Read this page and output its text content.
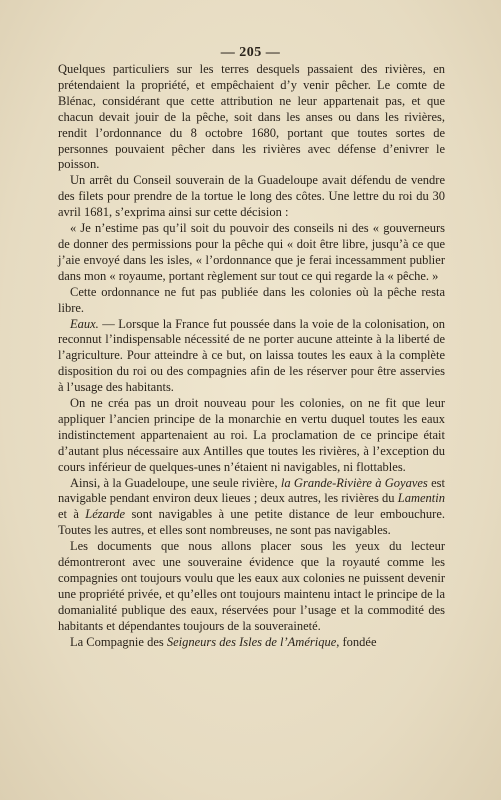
— 205 —

Quelques particuliers sur les terres desquels passaient des rivières, en prétendaient la propriété, et empêchaient d’y venir pêcher. Le comte de Blénac, considérant que cette attribution ne leur appartenait pas, et que chacun devait jouir de la pêche, soit dans les anses ou dans les rivières, rendit l’ordonnance du 8 octobre 1680, portant que toutes sortes de personnes pouvaient pêcher dans les rivières avec défense d’enivrer le poisson.

Un arrêt du Conseil souverain de la Guadeloupe avait défendu de vendre des filets pour prendre de la tortue le long des côtes. Une lettre du roi du 30 avril 1681, s’exprima ainsi sur cette décision :

« Je n’estime pas qu’il soit du pouvoir des conseils ni des « gouverneurs de donner des permissions pour la pêche qui « doit être libre, jusqu’à ce que j’aie envoyé dans les isles, « l’ordonnance que je ferai incessamment publier dans mon « royaume, portant règlement sur tout ce qui regarde la « pêche. »

Cette ordonnance ne fut pas publiée dans les colonies où la pêche resta libre.

Eaux. — Lorsque la France fut poussée dans la voie de la colonisation, on reconnut l’indispensable nécessité de ne porter aucune atteinte à la liberté de l’agriculture. Pour atteindre à ce but, on laissa toutes les eaux à la complète disposition du roi ou des compagnies afin de les réserver pour être asservies à l’usage des habitants.

On ne créa pas un droit nouveau pour les colonies, on ne fit que leur appliquer l’ancien principe de la monarchie en vertu duquel toutes les eaux indistinctement appartenaient au roi. La proclamation de ce principe était d’autant plus nécessaire aux Antilles que toutes les rivières, à l’exception du cours inférieur de quelques-unes n’étaient ni navigables, ni flottables.

Ainsi, à la Guadeloupe, une seule rivière, la Grande-Rivière à Goyaves est navigable pendant environ deux lieues ; deux autres, les rivières du Lamentin et à Lézarde sont navigables à une petite distance de leur embouchure. Toutes les autres, et elles sont nombreuses, ne sont pas navigables.

Les documents que nous allons placer sous les yeux du lecteur démontreront avec une souveraine évidence que la royauté comme les compagnies ont toujours voulu que les eaux aux colonies ne puissent devenir une propriété privée, et qu’elles ont toujours maintenu intact le principe de la domanialité publique des eaux, réservées pour l’usage et la commodité des habitants et dépendantes toujours de la souveraineté.

La Compagnie des Seigneurs des Isles de l’Amérique, fondée
